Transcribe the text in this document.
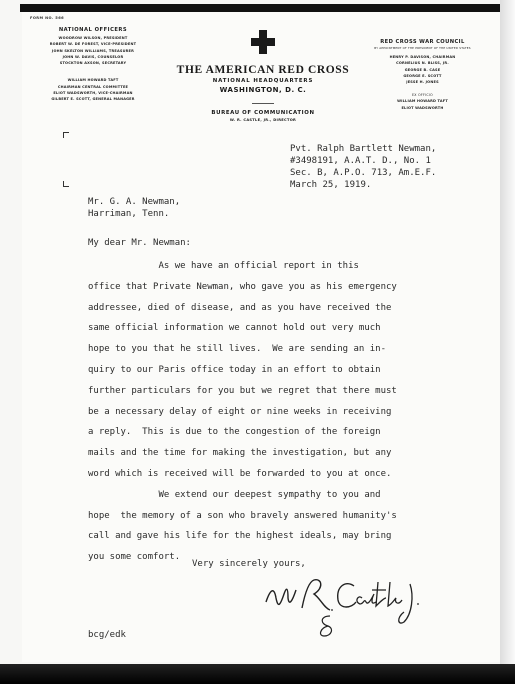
FORM NO. 566
NATIONAL OFFICERS
WOODROW WILSON, PRESIDENT
ROBERT W. DE FOREST, VICE-PRESIDENT
JOHN SKELTON WILLIAMS, TREASURER
JOHN W. DAVIS, COUNSELOR
STOCKTON AXSON, SECRETARY
WILLIAM HOWARD TAFT
CHAIRMAN CENTRAL COMMITTEE
ELIOT WADSWORTH, VICE-CHAIRMAN
GILBERT E. SCOTT, GENERAL MANAGER
THE AMERICAN RED CROSS
NATIONAL HEADQUARTERS
WASHINGTON, D. C.
BUREAU OF COMMUNICATION
W. R. CASTLE, JR., DIRECTOR
RED CROSS WAR COUNCIL
BY APPOINTMENT OF THE PRESIDENT OF THE UNITED STATES
HENRY P. DAVISON, CHAIRMAN
CORNELIUS N. BLISS, JR.
GEORGE B. CASE
GEORGE E. SCOTT
JESSE H. JONES
EX OFFICIO
WILLIAM HOWARD TAFT
ELIOT WADSWORTH
Pvt. Ralph Bartlett Newman,
#3498191, A.A.T. D., No. 1
Sec. B, A.P.O. 713, Am.E.F.
March 25, 1919.
Mr. G. A. Newman,
Harriman, Tenn.
My dear Mr. Newman:
As we have an official report in this
office that Private Newman, who gave you as his emergency
addressee, died of disease, and as you have received the
same official information we cannot hold out very much
hope to you that he still lives.  We are sending an in-
quiry to our Paris office today in an effort to obtain
further particulars for you but we regret that there must
be a necessary delay of eight or nine weeks in receiving
a reply.  This is due to the congestion of the foreign
mails and the time for making the investigation, but any
word which is received will be forwarded to you at once.
We extend our deepest sympathy to you and
hope  the memory of a son who bravely answered humanity's
call and gave his life for the highest ideals, may bring
you some comfort.
Very sincerely yours,
bcg/edk
